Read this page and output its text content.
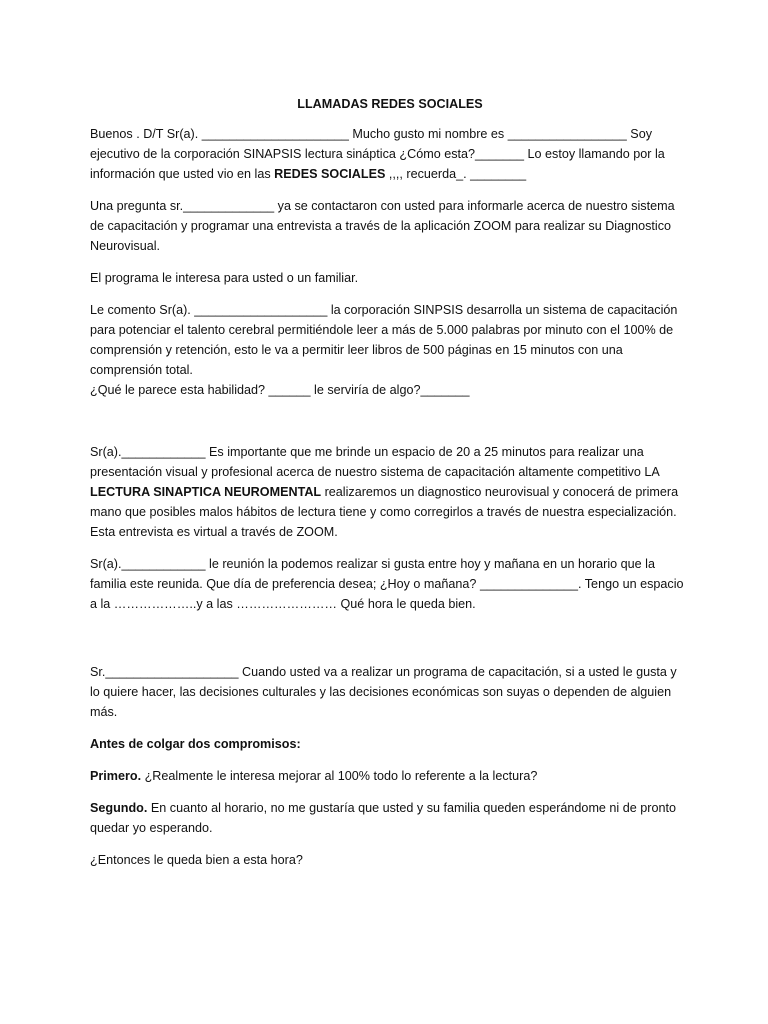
LLAMADAS REDES SOCIALES

Buenos . D/T Sr(a). _____________________ Mucho gusto mi nombre es _________________ Soy ejecutivo de la corporación SINAPSIS lectura sináptica ¿Cómo esta?_______ Lo estoy llamando por la información que usted vio en las REDES SOCIALES ,,,, recuerda_. ________

Una pregunta sr._____________ ya se contactaron con usted para informarle acerca de nuestro sistema de capacitación y programar una entrevista a través de la aplicación ZOOM para realizar su Diagnostico Neurovisual.

El programa le interesa para usted o un familiar.

Le comento Sr(a). ___________________ la corporación SINPSIS desarrolla un sistema de capacitación para potenciar el talento cerebral permitiéndole leer a más de 5.000 palabras por minuto con el 100% de comprensión y retención, esto le va a permitir leer libros de 500 páginas en 15 minutos con una comprensión total.

¿Qué le parece esta habilidad? ______ le serviría de algo?_______

Sr(a).____________ Es importante que me brinde un espacio de 20 a 25 minutos para realizar una presentación visual y profesional acerca de nuestro sistema de capacitación altamente competitivo LA LECTURA SINAPTICA NEUROMENTAL realizaremos un diagnostico neurovisual y conocerá de primera mano que posibles malos hábitos de lectura tiene y como corregirlos a través de nuestra especialización. Esta entrevista es virtual a través de ZOOM.

Sr(a).____________ le reunión la podemos realizar si gusta entre hoy y mañana en un horario que la familia este reunida. Que día de preferencia desea; ¿Hoy o mañana? ______________. Tengo un espacio a la ………………..y a las …………………… Qué hora le queda bien.

Sr.___________________ Cuando usted va a realizar un programa de capacitación, si a usted le gusta y lo quiere hacer, las decisiones culturales y las decisiones económicas son suyas o dependen de alguien más.

Antes de colgar dos compromisos:

Primero. ¿Realmente le interesa mejorar al 100% todo lo referente a la lectura?

Segundo. En cuanto al horario, no me gustaría que usted y su familia queden esperándome ni de pronto quedar yo esperando.

¿Entonces le queda bien a esta hora?
